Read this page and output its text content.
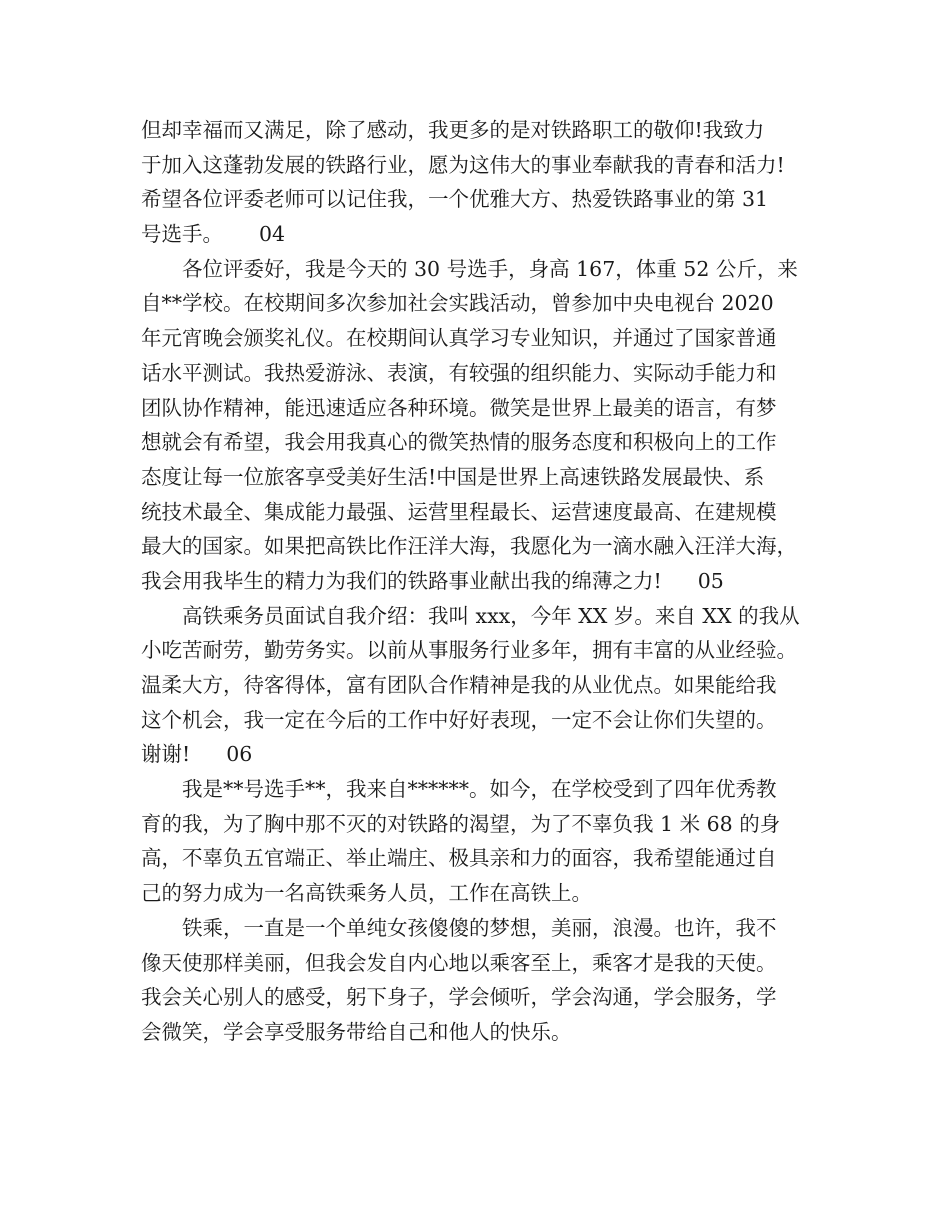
但却幸福而又满足，除了感动，我更多的是对铁路职工的敬仰!我致力
于加入这蓬勃发展的铁路行业，愿为这伟大的事业奉献我的青春和活力!
希望各位评委老师可以记住我，一个优雅大方、热爱铁路事业的第 31
号选手。 04
各位评委好，我是今天的 30 号选手，身高 167，体重 52 公斤，来
自**学校。在校期间多次参加社会实践活动，曾参加中央电视台 2020
年元宵晚会颁奖礼仪。在校期间认真学习专业知识，并通过了国家普通
话水平测试。我热爱游泳、表演，有较强的组织能力、实际动手能力和
团队协作精神，能迅速适应各种环境。微笑是世界上最美的语言，有梦
想就会有希望，我会用我真心的微笑热情的服务态度和积极向上的工作
态度让每一位旅客享受美好生活!中国是世界上高速铁路发展最快、系
统技术最全、集成能力最强、运营里程最长、运营速度最高、在建规模
最大的国家。如果把高铁比作汪洋大海，我愿化为一滴水融入汪洋大海，
我会用我毕生的精力为我们的铁路事业献出我的绵薄之力! 05
高铁乘务员面试自我介绍：我叫 xxx，今年 XX 岁。来自 XX 的我从
小吃苦耐劳，勤劳务实。以前从事服务行业多年，拥有丰富的从业经验。
温柔大方，待客得体，富有团队合作精神是我的从业优点。如果能给我
这个机会，我一定在今后的工作中好好表现，一定不会让你们失望的。
谢谢! 06
我是**号选手**，我来自******。如今，在学校受到了四年优秀教
育的我，为了胸中那不灭的对铁路的渴望，为了不辜负我 1 米 68 的身
高，不辜负五官端正、举止端庄、极具亲和力的面容，我希望能通过自
己的努力成为一名高铁乘务人员，工作在高铁上。
铁乘，一直是一个单纯女孩傻傻的梦想，美丽，浪漫。也许，我不
像天使那样美丽，但我会发自内心地以乘客至上，乘客才是我的天使。
我会关心别人的感受，躬下身子，学会倾听，学会沟通，学会服务，学
会微笑，学会享受服务带给自己和他人的快乐。
